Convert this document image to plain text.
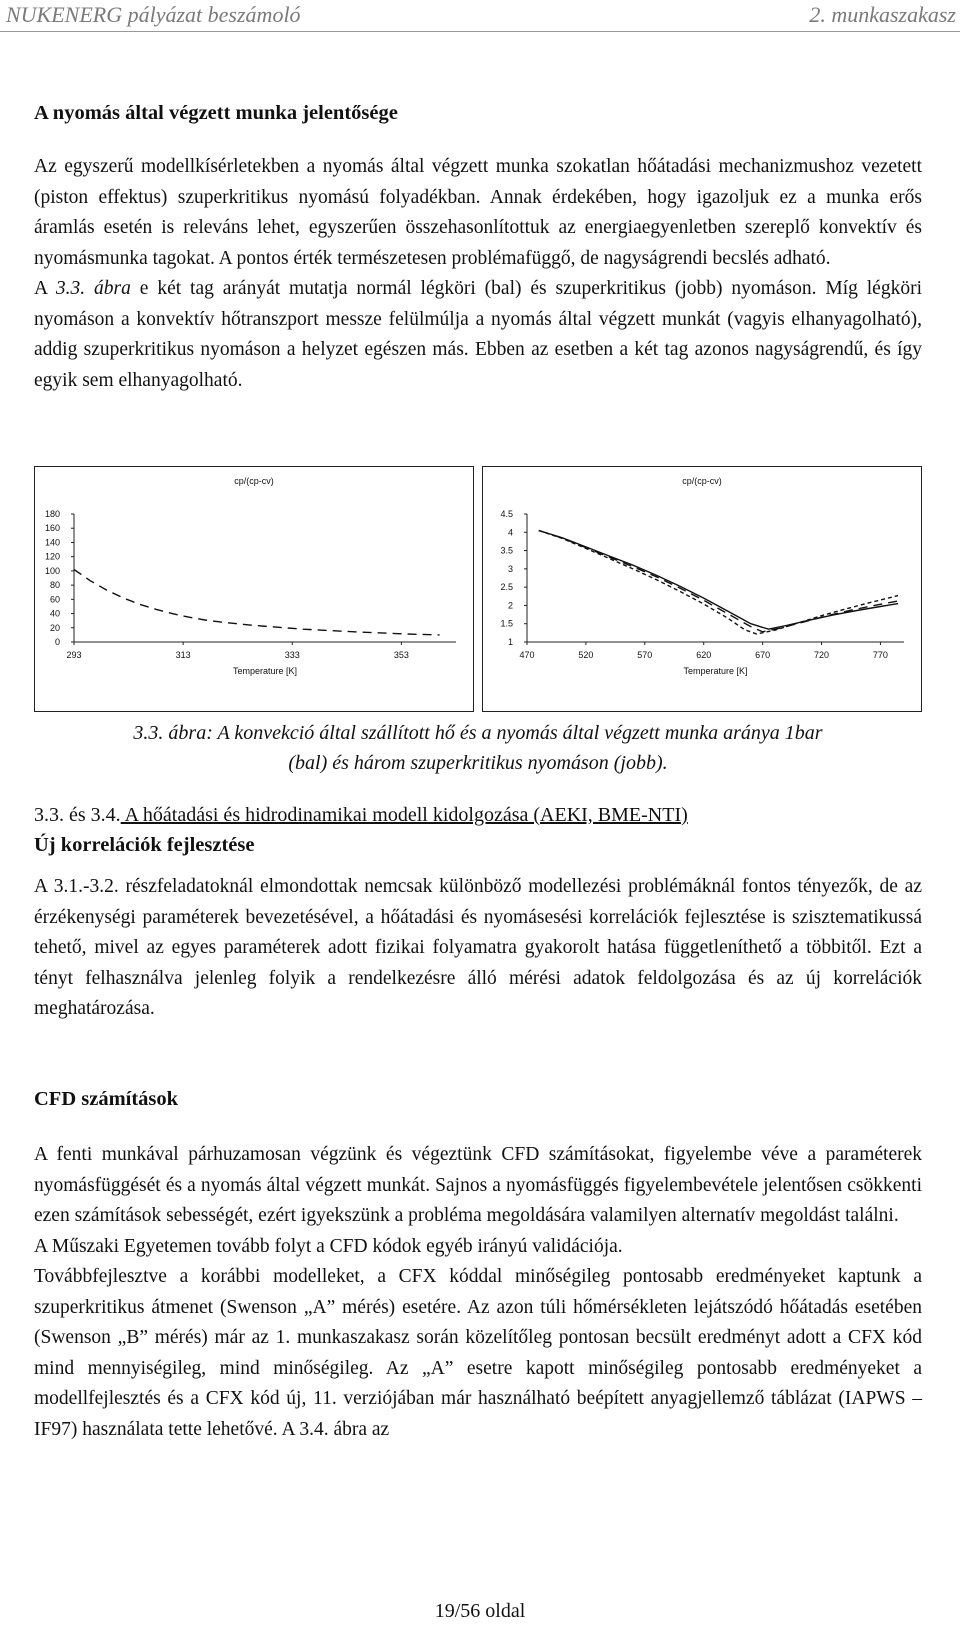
NUKENERG pályázat beszámoló	2. munkaszakasz
A nyomás által végzett munka jelentősége

Az egyszerű modellkísérletekben a nyomás által végzett munka szokatlan hőátadási mechanizmushoz vezetett (piston effektus) szuperkritikus nyomású folyadékban. Annak érdekében, hogy igazoljuk ez a munka erős áramlás esetén is releváns lehet, egyszerűen összehasonlítottuk az energiaegyenletben szereplő konvektív és nyomásmunka tagokat. A pontos érték természetesen problémafüggő, de nagyságrendi becslés adható.

A 3.3. ábra e két tag arányát mutatja normál légköri (bal) és szuperkritikus (jobb) nyomáson. Míg légköri nyomáson a konvektív hőtranszport messze felülmúlja a nyomás által végzett munkát (vagyis elhanyagolható), addig szuperkritikus nyomáson a helyzet egészen más. Ebben az esetben a két tag azonos nagyságrendű, és így egyik sem elhanyagolható.

cp/(cp-cv)
0
20
40
60
80
100
120
140
160
180
293	313	333	353
Temperature [K]
cp/(cp-cv)
1
1.5
2
2.5
3
3.5
4
4.5
470	520	570	620	670	720	770
Temperature [K]
3.3. ábra: A konvekció által szállított hő és a nyomás által végzett munka aránya 1bar
(bal) és három szuperkritikus nyomáson (jobb).
3.3. és 3.4. A hőátadási és hidrodinamikai modell kidolgozása (AEKI, BME-NTI)
Új korrelációk fejlesztése
A 3.1.-3.2. részfeladatoknál elmondottak nemcsak különböző modellezési problémáknál fontos tényezők, de az érzékenységi paraméterek bevezetésével, a hőátadási és nyomásesési korrelációk fejlesztése is szisztematikussá tehető, mivel az egyes paraméterek adott fizikai folyamatra gyakorolt hatása függetleníthető a többitől. Ezt a tényt felhasználva jelenleg folyik a rendelkezésre álló mérési adatok feldolgozása és az új korrelációk meghatározása.
CFD számítások

A fenti munkával párhuzamosan végzünk és végeztünk CFD számításokat, figyelembe véve a paraméterek nyomásfüggését és a nyomás által végzett munkát. Sajnos a nyomásfüggés figyelembevétele jelentősen csökkenti ezen számítások sebességét, ezért igyekszünk a probléma megoldására valamilyen alternatív megoldást találni.

A Műszaki Egyetemen tovább folyt a CFD kódok egyéb irányú validációja.

Továbbfejlesztve a korábbi modelleket, a CFX kóddal minőségileg pontosabb eredményeket kaptunk a szuperkritikus átmenet (Swenson „A” mérés) esetére. Az azon túli hőmérsékleten lejátszódó hőátadás esetében (Swenson „B” mérés) már az 1. munkaszakasz során közelítőleg pontosan becsült eredményt adott a CFX kód mind mennyiségileg, mind minőségileg. Az „A” esetre kapott minőségileg pontosabb eredményeket a modellfejlesztés és a CFX kód új, 11. verziójában már használható beépített anyagjellemző táblázat (IAPWS – IF97) használata tette lehetővé. A 3.4. ábra az

19/56 oldal
